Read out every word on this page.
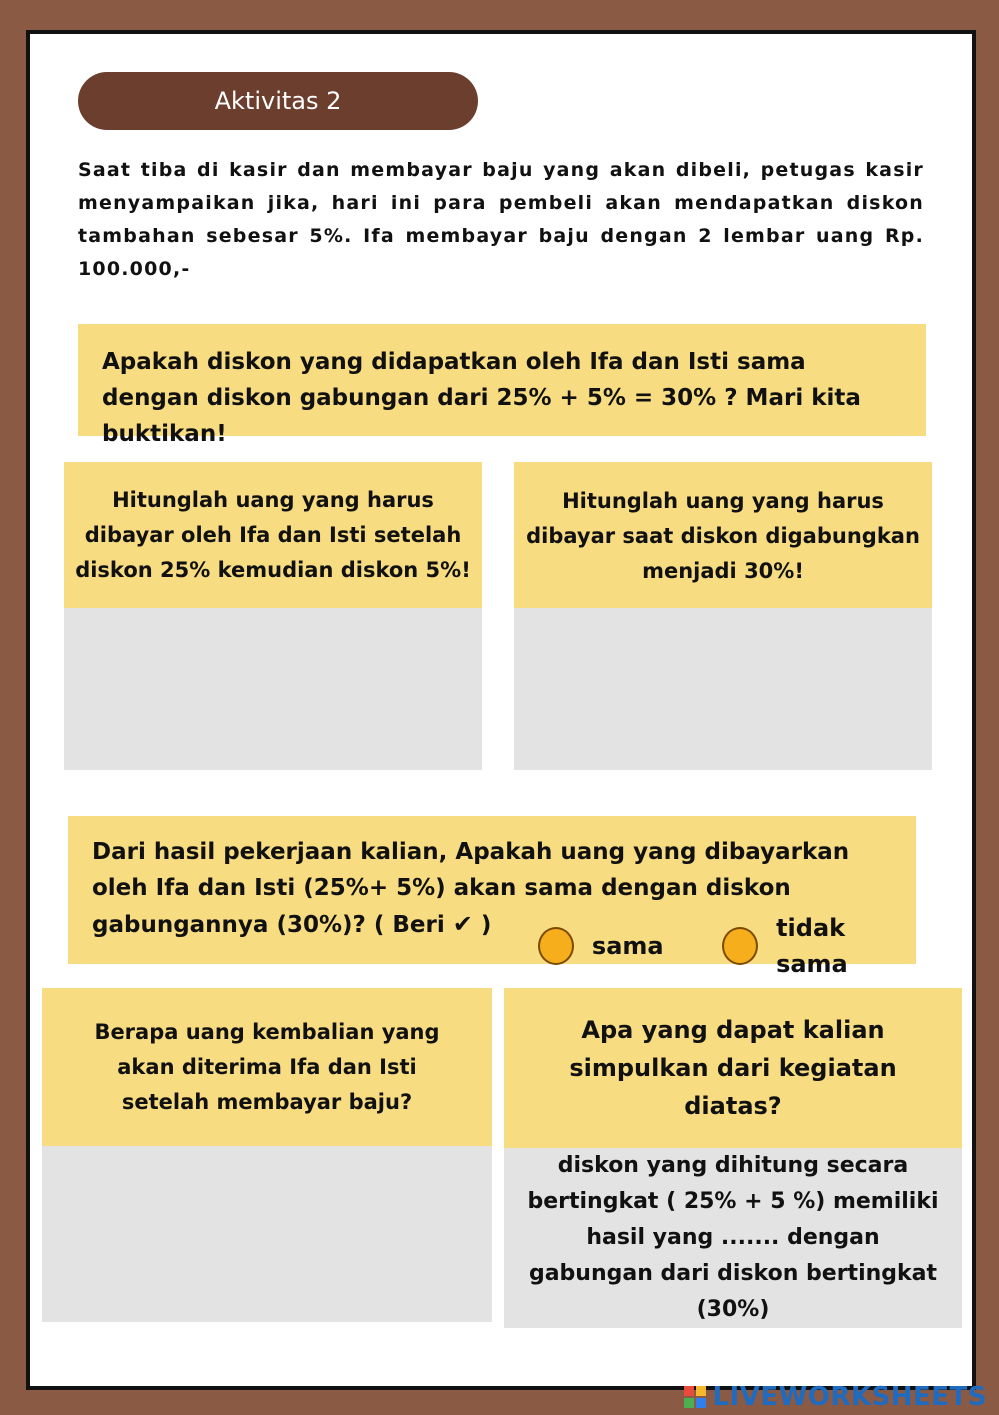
Aktivitas 2
Saat tiba di kasir dan membayar baju yang akan dibeli, petugas kasir menyampaikan jika, hari ini para pembeli akan mendapatkan diskon tambahan sebesar 5%. Ifa membayar baju dengan 2 lembar uang Rp. 100.000,-
Apakah diskon yang didapatkan oleh Ifa dan Isti sama dengan diskon gabungan dari 25% + 5% = 30% ? Mari kita buktikan!
Hitunglah uang yang harus dibayar oleh Ifa dan Isti setelah diskon 25% kemudian diskon 5%!
Hitunglah uang yang harus dibayar saat diskon digabungkan menjadi 30%!
Dari hasil pekerjaan kalian, Apakah uang yang dibayarkan oleh Ifa dan Isti (25%+ 5%) akan sama dengan diskon gabungannya (30%)? ( Beri ✔ )
sama
tidak sama
Berapa uang kembalian yang akan diterima Ifa dan Isti setelah membayar baju?
Apa yang dapat kalian simpulkan dari kegiatan diatas?
diskon yang dihitung secara bertingkat ( 25% + 5 %) memiliki hasil yang ....... dengan gabungan dari diskon bertingkat (30%)
LIVEWORKSHEETS
